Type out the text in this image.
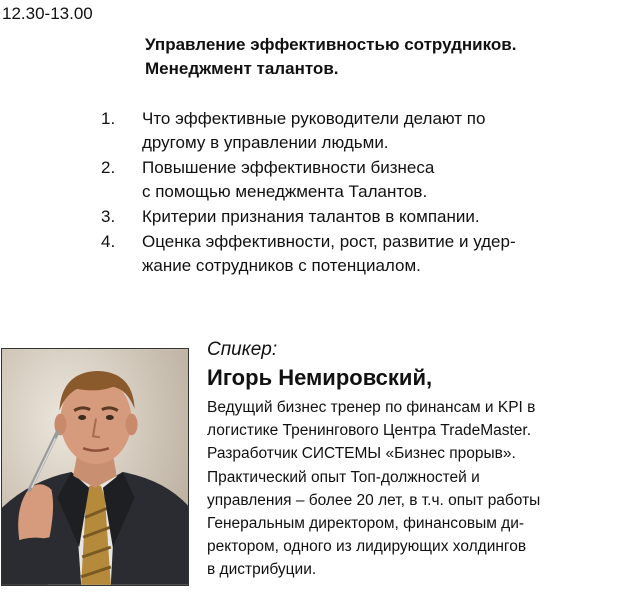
12.30-13.00
Управление эффективностью сотрудников.
Менеджмент талантов.
1.	Что эффективные руководители делают по
другому в управлении людьми.
2.	Повышение эффективности бизнеса
с помощью менеджмента Талантов.
3.	Критерии признания талантов в компании.
4.	Оценка эффективности, рост, развитие и удер-
жание сотрудников с потенциалом.
Спикер:
Игорь Немировский,
Ведущий бизнес тренер по финансам и KPI в
логистике Тренингового Центра TradeMaster.
Разработчик СИСТЕМЫ «Бизнес прорыв».
Практический опыт Топ-должностей и
управления – более 20 лет, в т.ч. опыт работы
Генеральным директором, финансовым ди-
ректором, одного из лидирующих холдингов
в дистрибуции.
